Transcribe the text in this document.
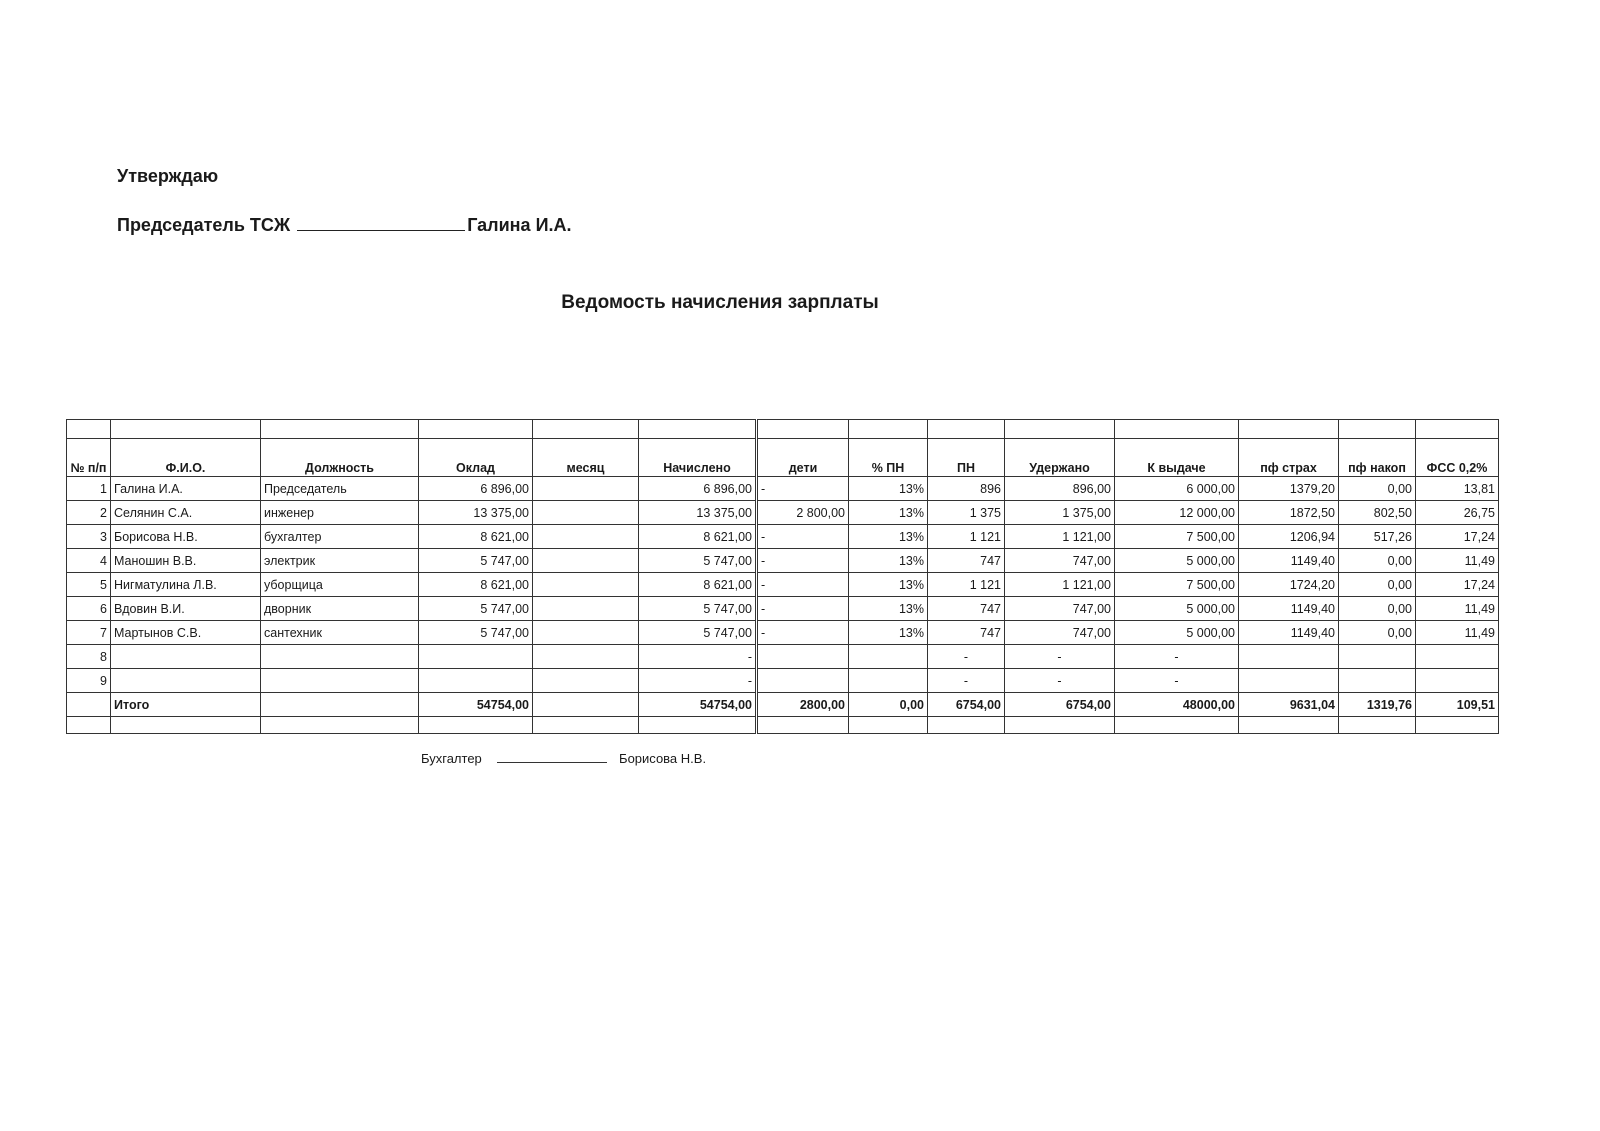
Утверждаю
Председатель ТСЖ	Галина И.А.
Ведомость начисления зарплаты

№ п/п	Ф.И.О.	Должность	Оклад	месяц	Начислено	дети	% ПН	ПН	Удержано	К выдаче	пф страх	пф накоп	ФСС 0,2%
1	Галина И.А.	Председатель	6 896,00		6 896,00	-	13%	896	896,00	6 000,00	1379,20	0,00	13,81
2	Селянин С.А.	инженер	13 375,00		13 375,00	2 800,00	13%	1 375	1 375,00	12 000,00	1872,50	802,50	26,75
3	Борисова Н.В.	бухгалтер	8 621,00		8 621,00	-	13%	1 121	1 121,00	7 500,00	1206,94	517,26	17,24
4	Маношин В.В.	электрик	5 747,00		5 747,00	-	13%	747	747,00	5 000,00	1149,40	0,00	11,49
5	Нигматулина Л.В.	уборщица	8 621,00		8 621,00	-	13%	1 121	1 121,00	7 500,00	1724,20	0,00	17,24
6	Вдовин В.И.	дворник	5 747,00		5 747,00	-	13%	747	747,00	5 000,00	1149,40	0,00	11,49
7	Мартынов С.В.	сантехник	5 747,00		5 747,00	-	13%	747	747,00	5 000,00	1149,40	0,00	11,49
8					-			-	-	-			
9					-			-	-	-			
	Итого		54754,00		54754,00	2800,00	0,00	6754,00	6754,00	48000,00	9631,04	1319,76	109,51

Бухгалтер	Борисова Н.В.
